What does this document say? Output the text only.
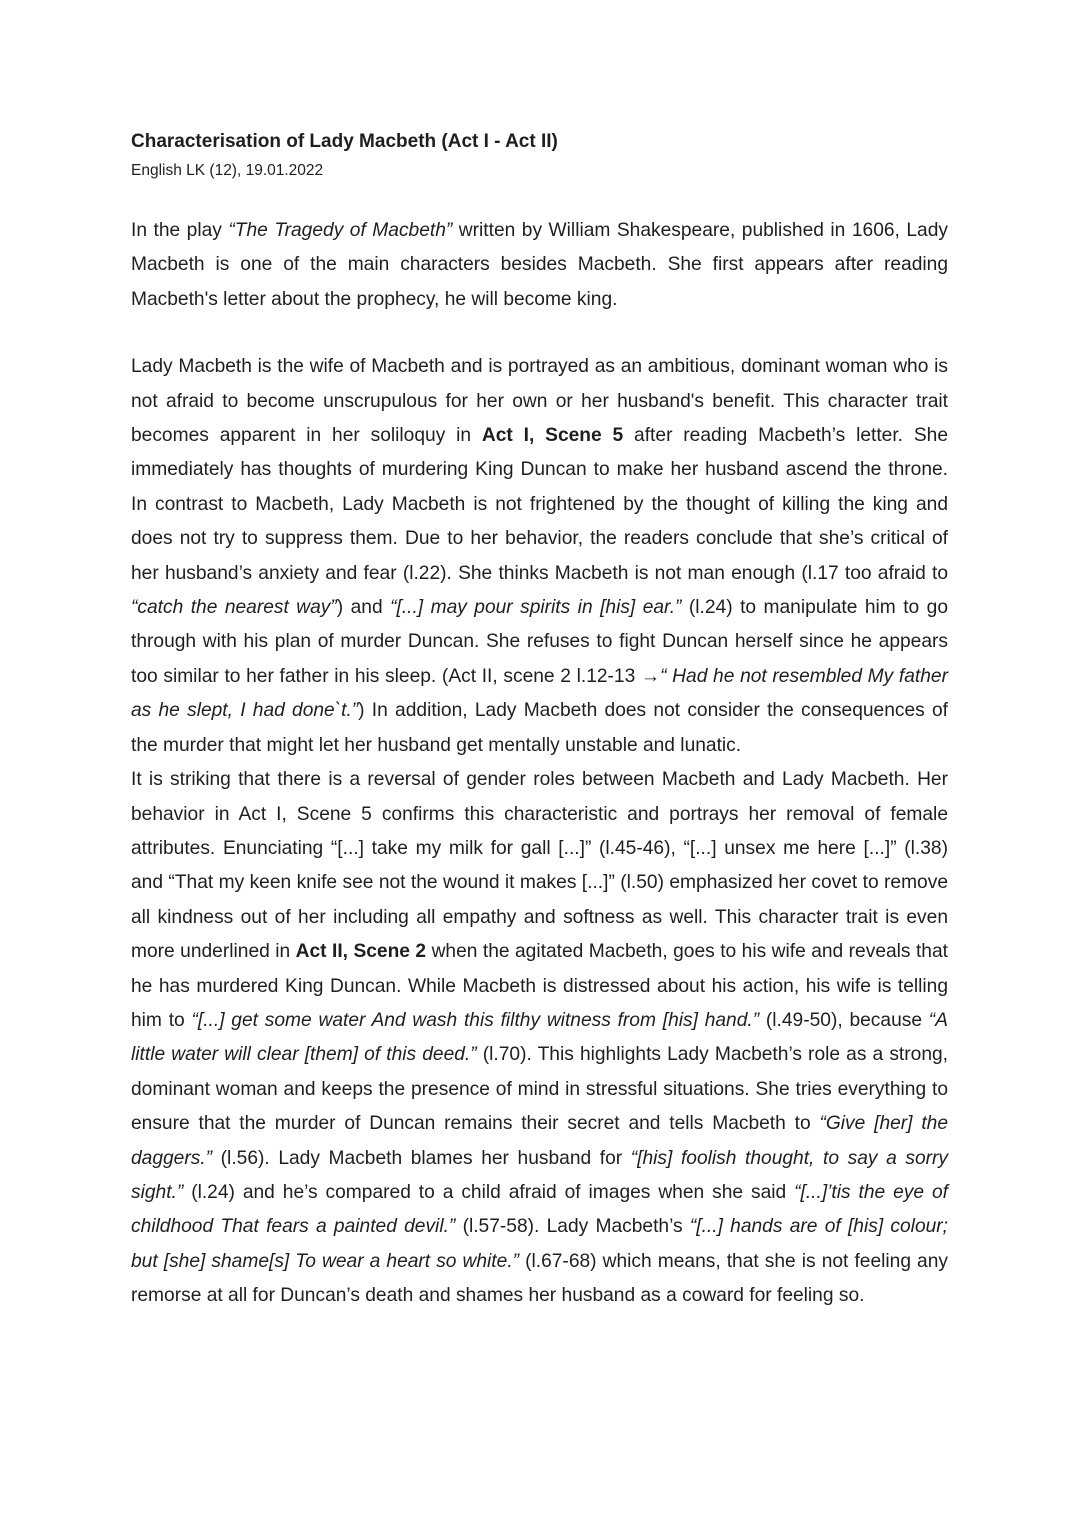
Characterisation of Lady Macbeth (Act I - Act II)
English LK (12), 19.01.2022

In the play “The Tragedy of Macbeth” written by William Shakespeare, published in 1606, Lady Macbeth is one of the main characters besides Macbeth. She first appears after reading Macbeth's letter about the prophecy, he will become king.

Lady Macbeth is the wife of Macbeth and is portrayed as an ambitious, dominant woman who is not afraid to become unscrupulous for her own or her husband's benefit. This character trait becomes apparent in her soliloquy in Act I, Scene 5 after reading Macbeth’s letter. She immediately has thoughts of murdering King Duncan to make her husband ascend the throne. In contrast to Macbeth, Lady Macbeth is not frightened by the thought of killing the king and does not try to suppress them. Due to her behavior, the readers conclude that she’s critical of her husband’s anxiety and fear (l.22). She thinks Macbeth is not man enough (l.17 too afraid to “catch the nearest way”) and “[...] may pour spirits in [his] ear.” (l.24) to manipulate him to go through with his plan of murder Duncan. She refuses to fight Duncan herself since he appears too similar to her father in his sleep. (Act II, scene 2 l.12-13 →“ Had he not resembled My father as he slept, I had done`t.”) In addition, Lady Macbeth does not consider the consequences of the murder that might let her husband get mentally unstable and lunatic.

It is striking that there is a reversal of gender roles between Macbeth and Lady Macbeth. Her behavior in Act I, Scene 5 confirms this characteristic and portrays her removal of female attributes. Enunciating “[...] take my milk for gall [...]” (l.45-46), “[...] unsex me here [...]” (l.38) and “That my keen knife see not the wound it makes [...]” (l.50) emphasized her covet to remove all kindness out of her including all empathy and softness as well. This character trait is even more underlined in Act II, Scene 2 when the agitated Macbeth, goes to his wife and reveals that he has murdered King Duncan. While Macbeth is distressed about his action, his wife is telling him to “[...] get some water And wash this filthy witness from [his] hand.” (l.49-50), because “A little water will clear [them] of this deed.” (l.70). This highlights Lady Macbeth’s role as a strong, dominant woman and keeps the presence of mind in stressful situations. She tries everything to ensure that the murder of Duncan remains their secret and tells Macbeth to “Give [her] the daggers.” (l.56). Lady Macbeth blames her husband for “[his] foolish thought, to say a sorry sight.” (l.24) and he’s compared to a child afraid of images when she said “[...]’tis the eye of childhood That fears a painted devil.” (l.57-58). Lady Macbeth’s “[...] hands are of [his] colour; but [she] shame[s] To wear a heart so white.” (l.67-68) which means, that she is not feeling any remorse at all for Duncan’s death and shames her husband as a coward for feeling so.
